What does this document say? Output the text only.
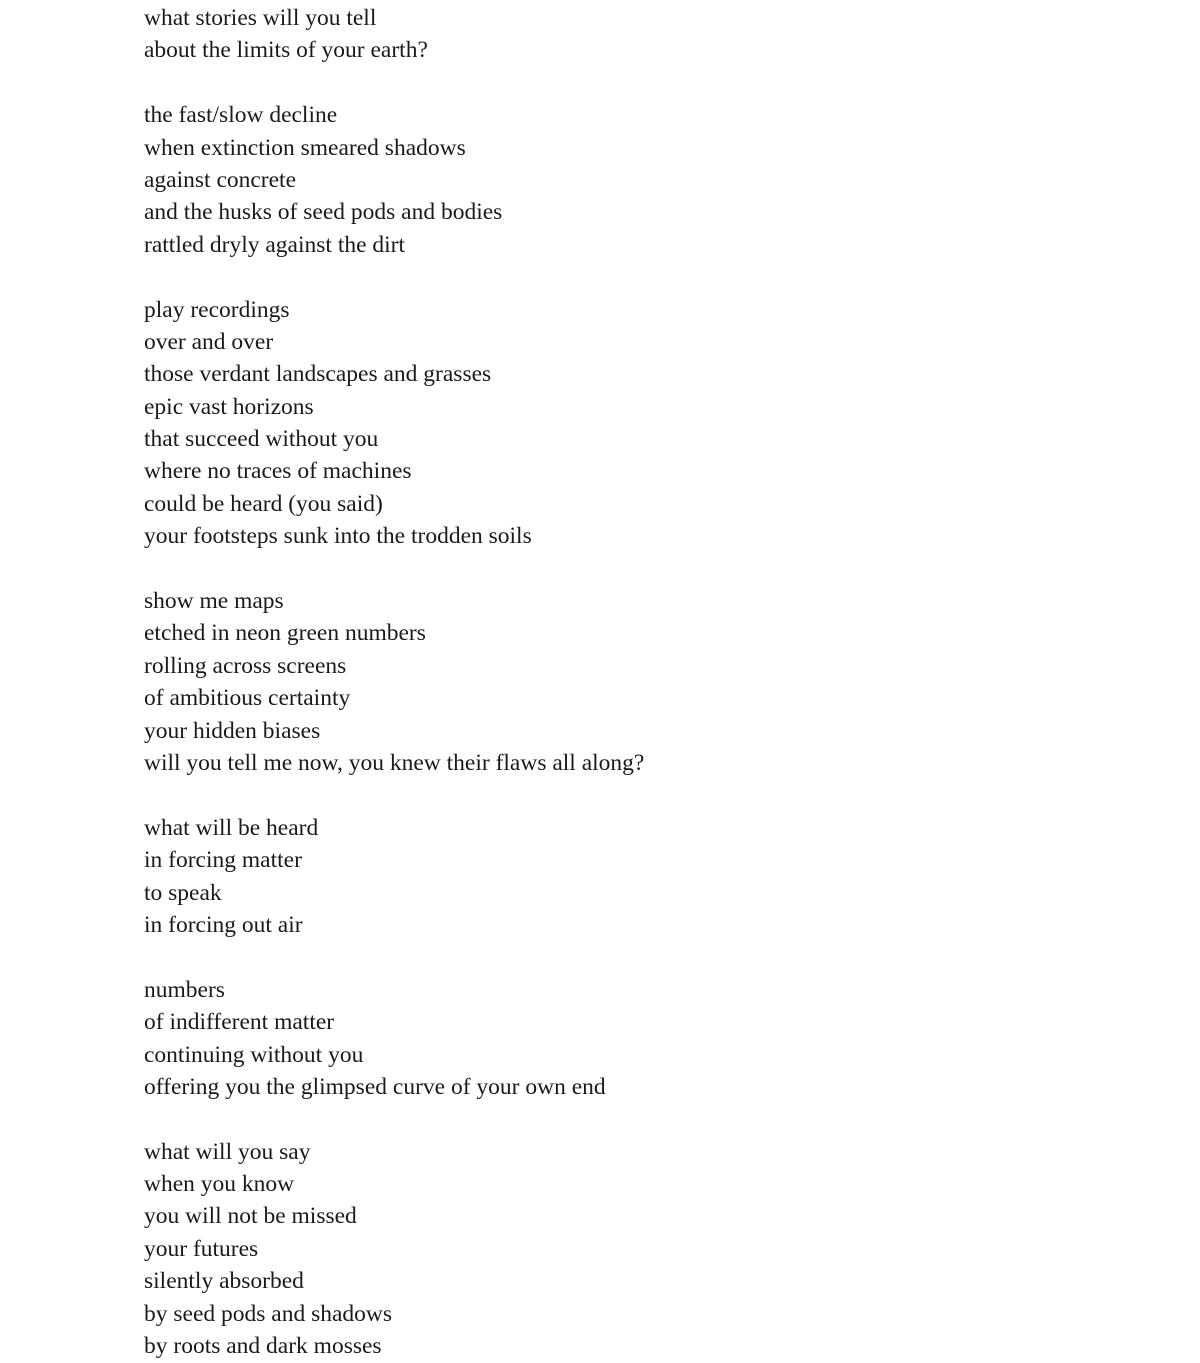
what stories will you tell
about the limits of your earth?
the fast/slow decline
when extinction smeared shadows
against concrete
and the husks of seed pods and bodies
rattled dryly against the dirt
play recordings
over and over
those verdant landscapes and grasses
epic vast horizons
that succeed without you
where no traces of machines
could be heard (you said)
your footsteps sunk into the trodden soils
show me maps
etched in neon green numbers
rolling across screens
of ambitious certainty
your hidden biases
will you tell me now, you knew their flaws all along?
what will be heard
in forcing matter
to speak
in forcing out air
numbers
of indifferent matter
continuing without you
offering you the glimpsed curve of your own end
what will you say
when you know
you will not be missed
your futures
silently absorbed
by seed pods and shadows
by roots and dark mosses
